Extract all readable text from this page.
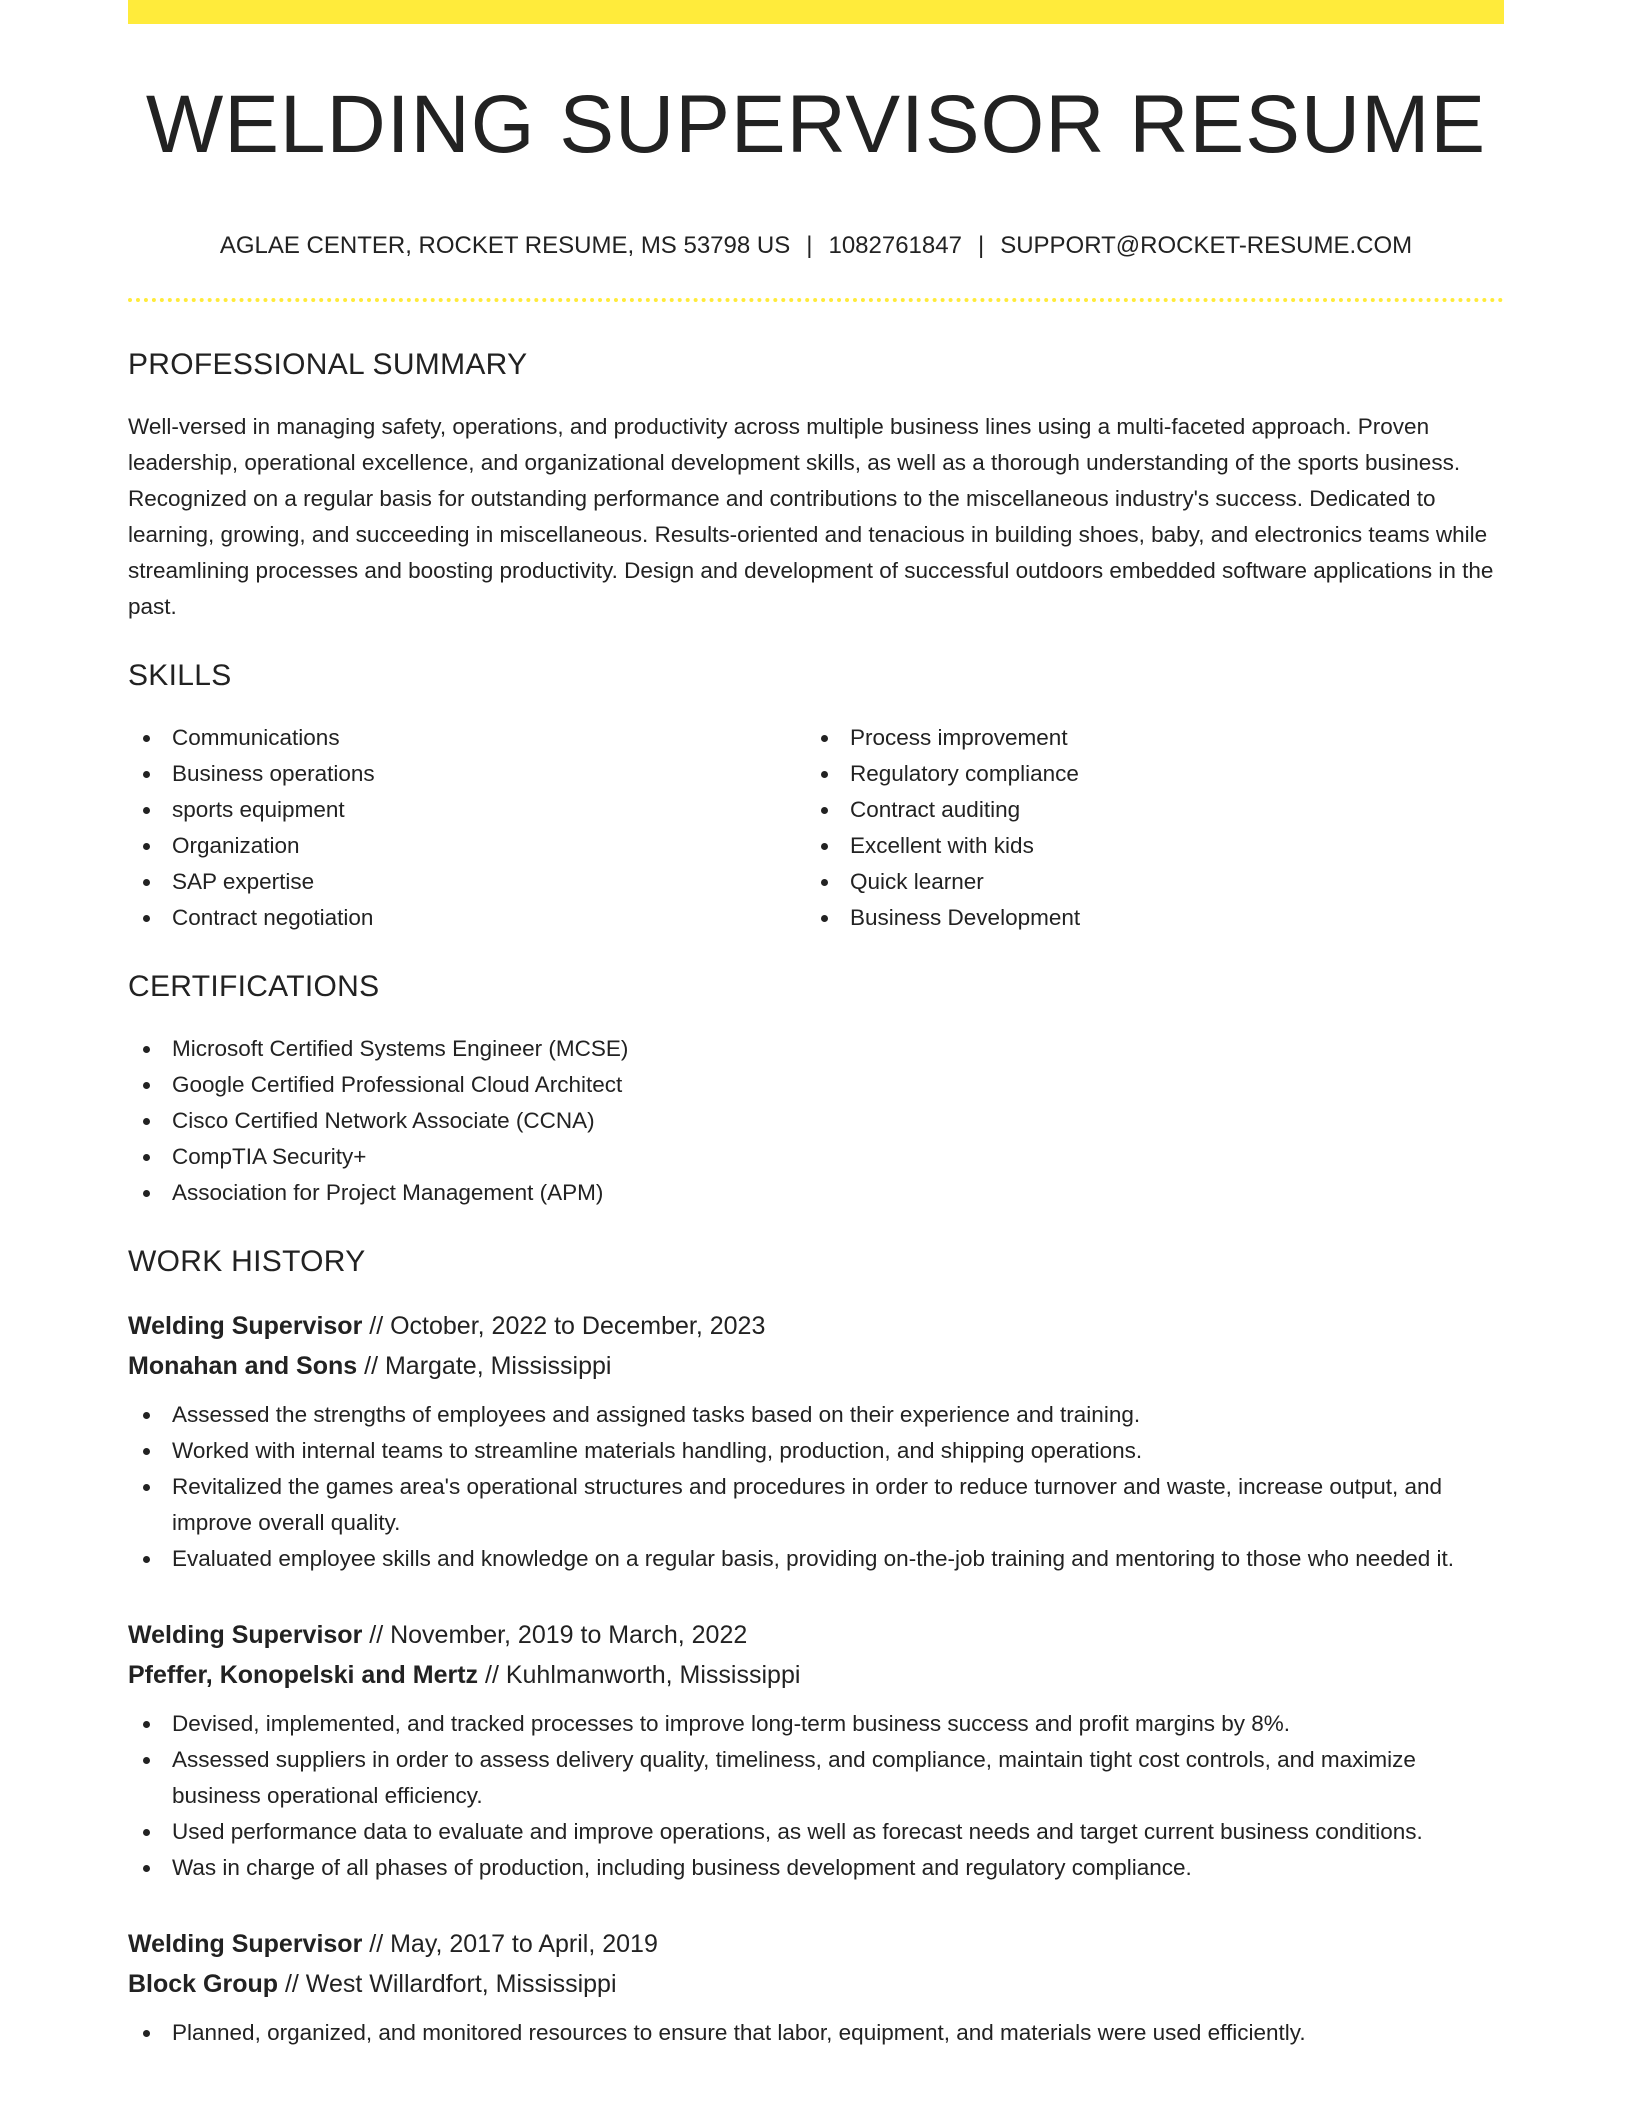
WELDING SUPERVISOR RESUME
AGLAE CENTER, ROCKET RESUME, MS 53798 US | 1082761847 | SUPPORT@ROCKET-RESUME.COM
PROFESSIONAL SUMMARY

Well-versed in managing safety, operations, and productivity across multiple business lines using a multi-faceted approach. Proven leadership, operational excellence, and organizational development skills, as well as a thorough understanding of the sports business. Recognized on a regular basis for outstanding performance and contributions to the miscellaneous industry's success. Dedicated to learning, growing, and succeeding in miscellaneous. Results-oriented and tenacious in building shoes, baby, and electronics teams while streamlining processes and boosting productivity. Design and development of successful outdoors embedded software applications in the past.

SKILLS
Communications
Business operations
sports equipment
Organization
SAP expertise
Contract negotiation
Process improvement
Regulatory compliance
Contract auditing
Excellent with kids
Quick learner
Business Development
CERTIFICATIONS
Microsoft Certified Systems Engineer (MCSE)
Google Certified Professional Cloud Architect
Cisco Certified Network Associate (CCNA)
CompTIA Security+
Association for Project Management (APM)
WORK HISTORY
Welding Supervisor // October, 2022 to December, 2023
Monahan and Sons // Margate, Mississippi
Assessed the strengths of employees and assigned tasks based on their experience and training.
Worked with internal teams to streamline materials handling, production, and shipping operations.
Revitalized the games area's operational structures and procedures in order to reduce turnover and waste, increase output, and improve overall quality.
Evaluated employee skills and knowledge on a regular basis, providing on-the-job training and mentoring to those who needed it.
Welding Supervisor // November, 2019 to March, 2022
Pfeffer, Konopelski and Mertz // Kuhlmanworth, Mississippi
Devised, implemented, and tracked processes to improve long-term business success and profit margins by 8%.
Assessed suppliers in order to assess delivery quality, timeliness, and compliance, maintain tight cost controls, and maximize business operational efficiency.
Used performance data to evaluate and improve operations, as well as forecast needs and target current business conditions.
Was in charge of all phases of production, including business development and regulatory compliance.
Welding Supervisor // May, 2017 to April, 2019
Block Group // West Willardfort, Mississippi
Planned, organized, and monitored resources to ensure that labor, equipment, and materials were used efficiently.
